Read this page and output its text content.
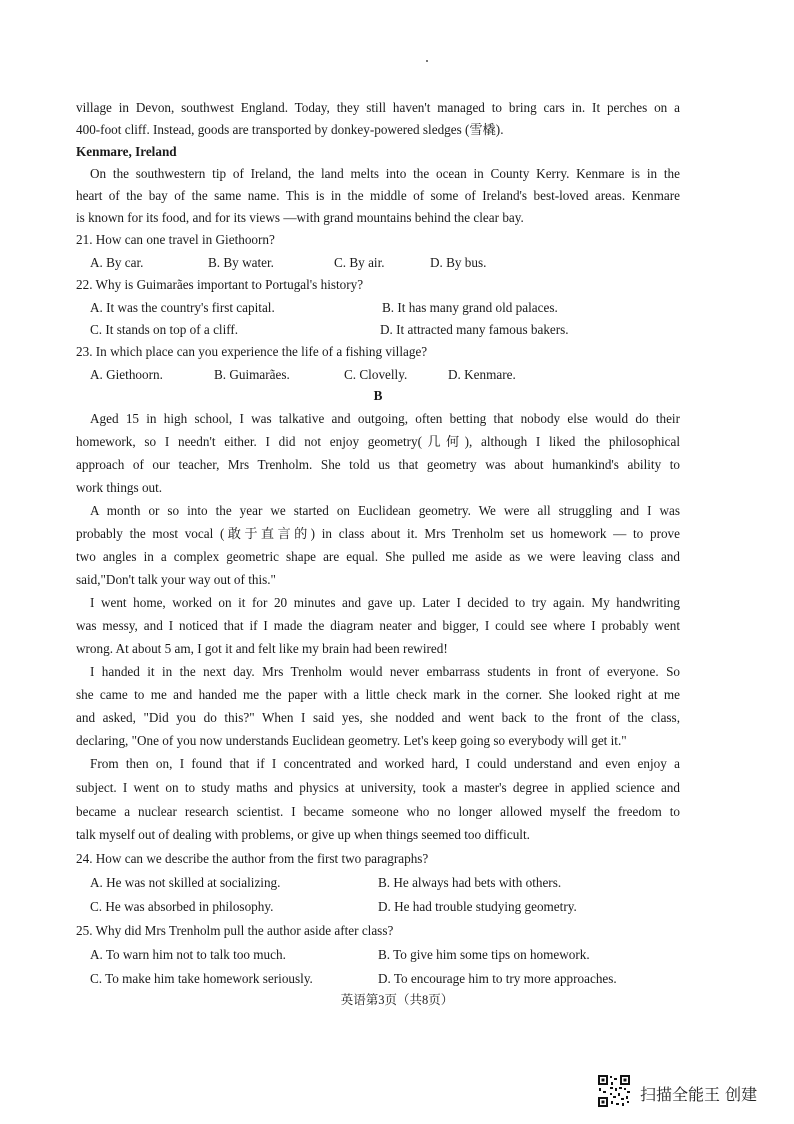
village in Devon, southwest England. Today, they still haven't managed to bring cars in. It perches on a
400-foot cliff. Instead, goods are transported by donkey-powered sledges (雪橇).
Kenmare, Ireland
On the southwestern tip of Ireland, the land melts into the ocean in County Kerry. Kenmare is in the
heart of the bay of the same name. This is in the middle of some of Ireland's best-loved areas. Kenmare
is known for its food, and for its views —with grand mountains behind the clear bay.
21. How can one travel in Giethoorn?
A. By car.	B. By water.	C. By air.	D. By bus.
22. Why is Guimarães important to Portugal's history?
A. It was the country's first capital.	B. It has many grand old palaces.
C. It stands on top of a cliff.	D. It attracted many famous bakers.
23. In which place can you experience the life of a fishing village?
A. Giethoorn.	B. Guimarães.	C. Clovelly.	D. Kenmare.
B
Aged 15 in high school, I was talkative and outgoing, often betting that nobody else would do their
homework, so I needn't either. I did not enjoy geometry(几何), although I liked the philosophical
approach of our teacher, Mrs Trenholm. She told us that geometry was about humankind's ability to
work things out.
A month or so into the year we started on Euclidean geometry. We were all struggling and I was
probably the most vocal (敢于直言的) in class about it. Mrs Trenholm set us homework — to prove
two angles in a complex geometric shape are equal. She pulled me aside as we were leaving class and
said,"Don't talk your way out of this."
I went home, worked on it for 20 minutes and gave up. Later I decided to try again. My handwriting
was messy, and I noticed that if I made the diagram neater and bigger, I could see where I probably went
wrong. At about 5 am, I got it and felt like my brain had been rewired!
I handed it in the next day. Mrs Trenholm would never embarrass students in front of everyone. So
she came to me and handed me the paper with a little check mark in the corner. She looked right at me
and asked, "Did you do this?" When I said yes, she nodded and went back to the front of the class,
declaring, "One of you now understands Euclidean geometry. Let's keep going so everybody will get it."
From then on, I found that if I concentrated and worked hard, I could understand and even enjoy a
subject. I went on to study maths and physics at university, took a master's degree in applied science and
became a nuclear research scientist. I became someone who no longer allowed myself the freedom to
talk myself out of dealing with problems, or give up when things seemed too difficult.
24. How can we describe the author from the first two paragraphs?
A. He was not skilled at socializing.	B. He always had bets with others.
C. He was absorbed in philosophy.	D. He had trouble studying geometry.
25. Why did Mrs Trenholm pull the author aside after class?
A. To warn him not to talk too much.	B. To give him some tips on homework.
C. To make him take homework seriously.	D. To encourage him to try more approaches.
英语第3页（共8页）
扫描全能王 创建
